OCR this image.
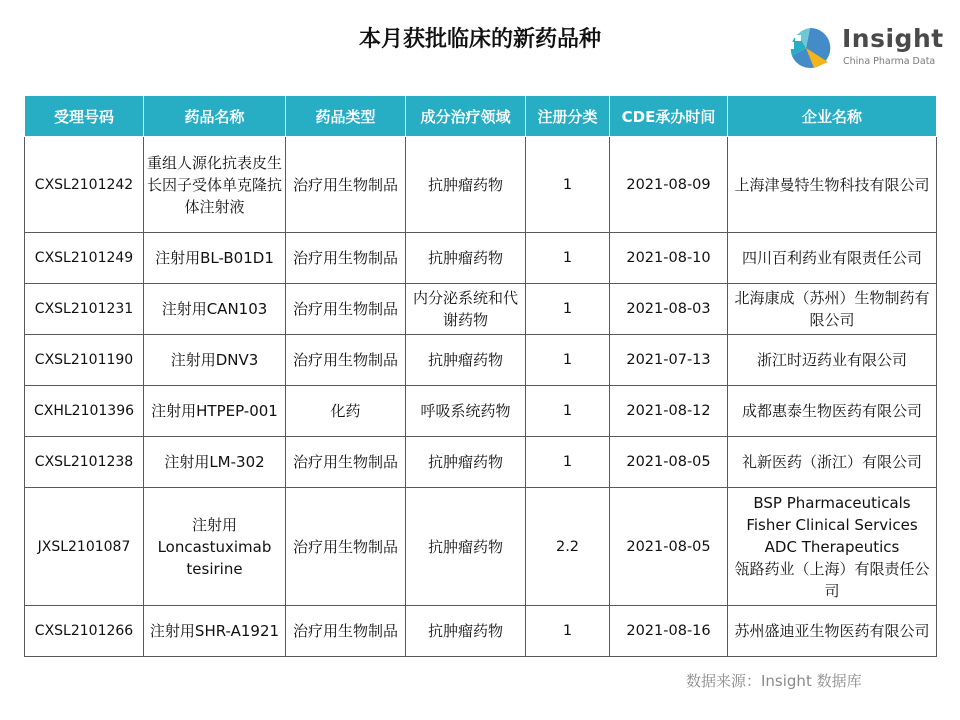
本月获批临床的新药品种	Insight
China Pharma Data
受理号码	药品名称	药品类型	成分治疗领域	注册分类	CDE承办时间	企业名称
CXSL2101242	重组人源化抗表皮生长因子受体单克隆抗体注射液	治疗用生物制品	抗肿瘤药物	1	2021-08-09	上海津曼特生物科技有限公司

CXSL2101249	注射用BL-B01D1	治疗用生物制品	抗肿瘤药物	1	2021-08-10	四川百利药业有限责任公司

CXSL2101231	注射用CAN103	治疗用生物制品	内分泌系统和代谢药物	1	2021-08-03	北海康成（苏州）生物制药有限公司

CXSL2101190	注射用DNV3	治疗用生物制品	抗肿瘤药物	1	2021-07-13	浙江时迈药业有限公司

CXHL2101396	注射用HTPEP-001	化药	呼吸系统药物	1	2021-08-12	成都惠泰生物医药有限公司

CXSL2101238	注射用LM-302	治疗用生物制品	抗肿瘤药物	1	2021-08-05	礼新医药（浙江）有限公司

JXSL2101087	注射用
Loncastuximab
tesirine	治疗用生物制品	抗肿瘤药物	2.2	2021-08-05	BSP Pharmaceuticals
Fisher Clinical Services
ADC Therapeutics
瓴路药业（上海）有限责任公司

CXSL2101266	注射用SHR-A1921	治疗用生物制品	抗肿瘤药物	1	2021-08-16	苏州盛迪亚生物医药有限公司
数据来源：Insight 数据库
